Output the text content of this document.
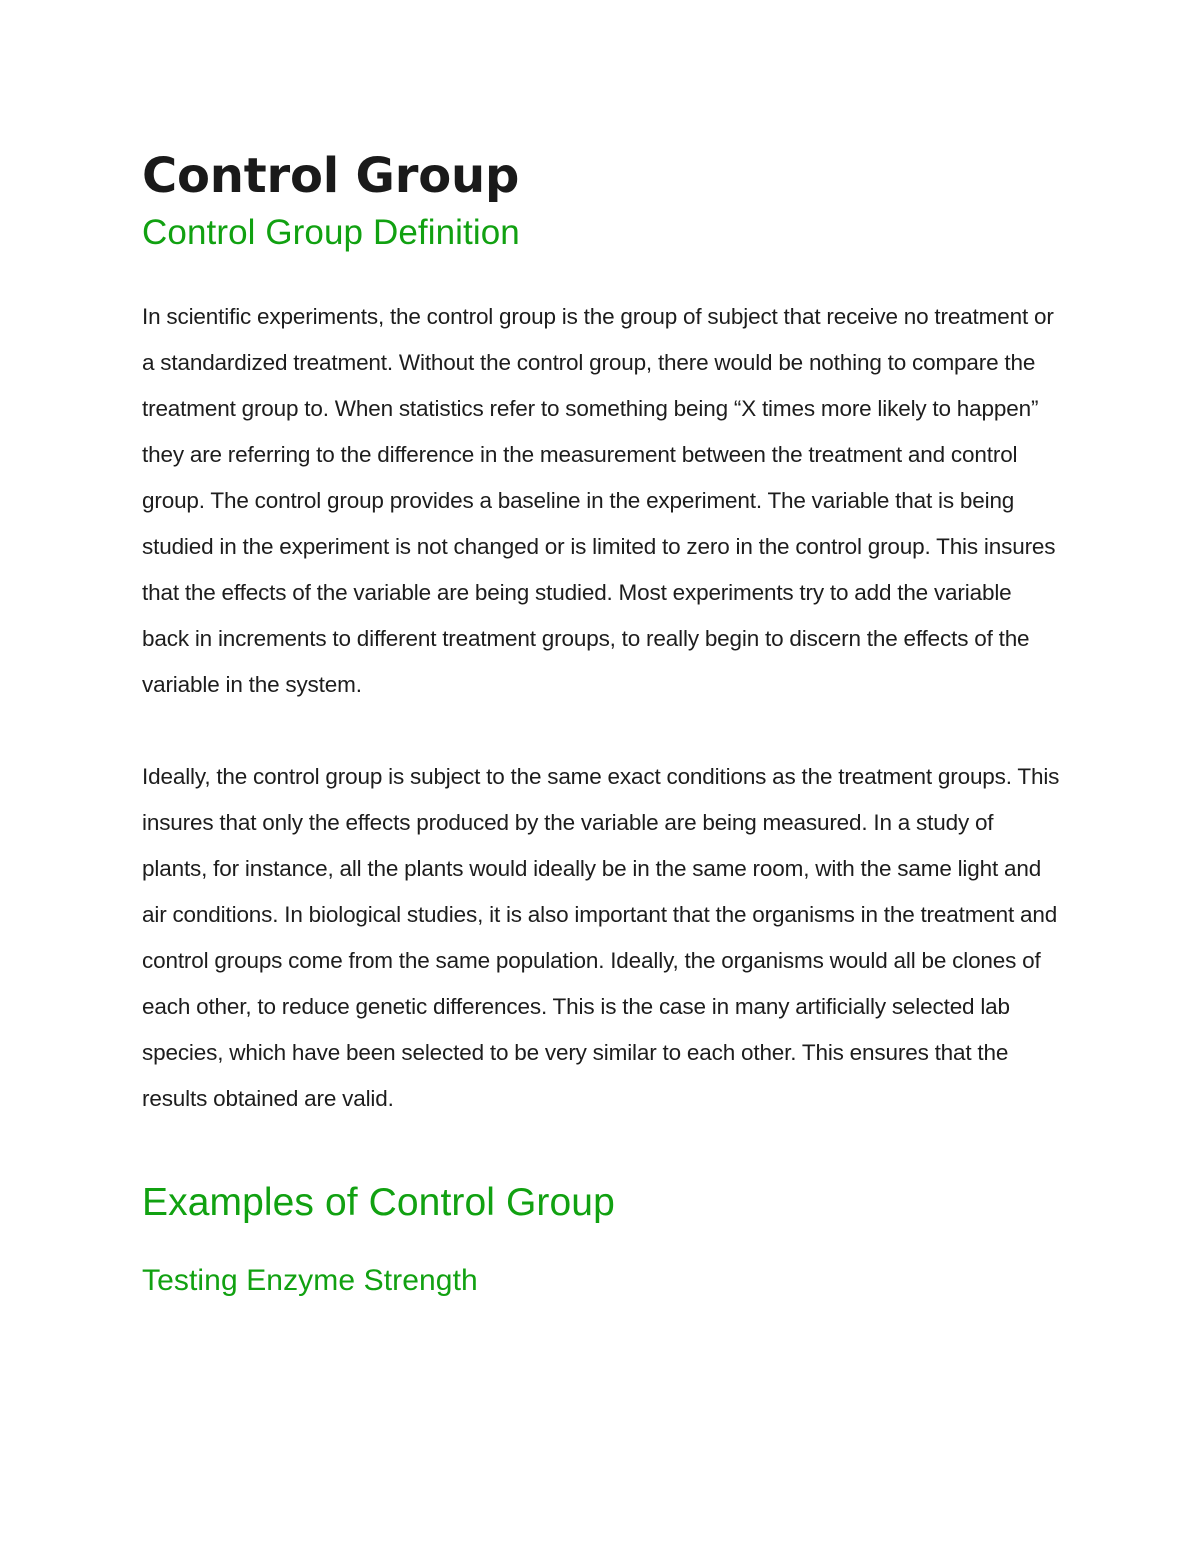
Control Group
Control Group Definition

In scientific experiments, the control group is the group of subject that receive no treatment or a standardized treatment. Without the control group, there would be nothing to compare the treatment group to. When statistics refer to something being “X times more likely to happen” they are referring to the difference in the measurement between the treatment and control group. The control group provides a baseline in the experiment. The variable that is being studied in the experiment is not changed or is limited to zero in the control group. This insures that the effects of the variable are being studied. Most experiments try to add the variable back in increments to different treatment groups, to really begin to discern the effects of the variable in the system.

Ideally, the control group is subject to the same exact conditions as the treatment groups. This insures that only the effects produced by the variable are being measured. In a study of plants, for instance, all the plants would ideally be in the same room, with the same light and air conditions. In biological studies, it is also important that the organisms in the treatment and control groups come from the same population. Ideally, the organisms would all be clones of each other, to reduce genetic differences. This is the case in many artificially selected lab species, which have been selected to be very similar to each other. This ensures that the results obtained are valid.

Examples of Control Group
Testing Enzyme Strength
